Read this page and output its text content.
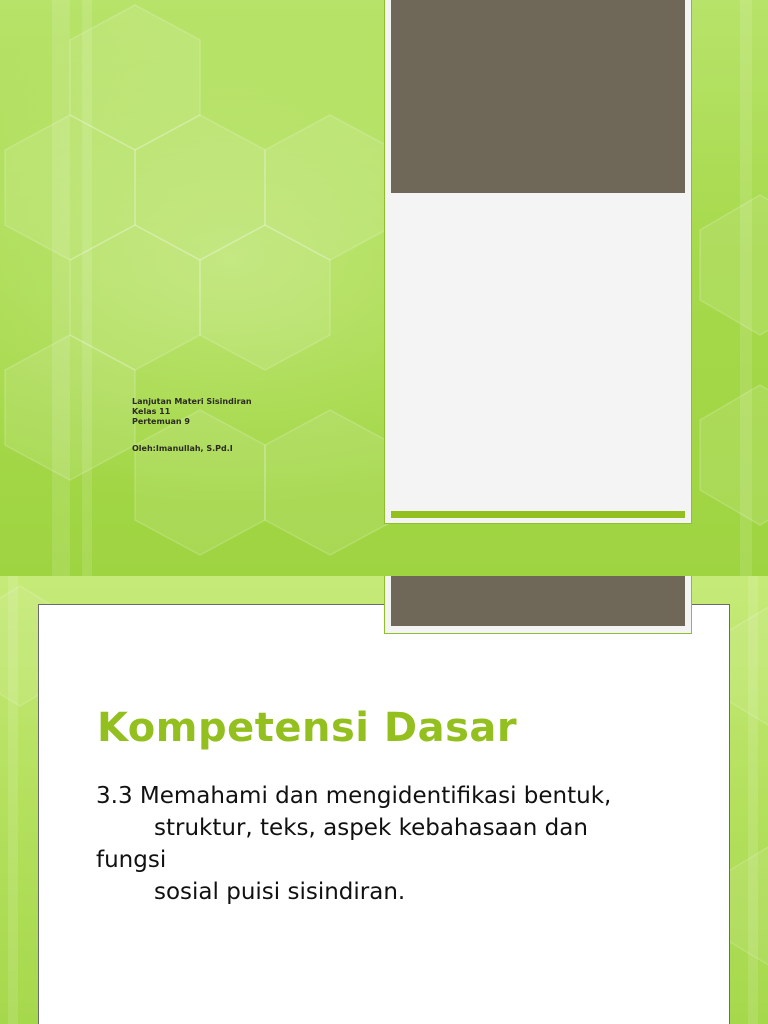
Lanjutan Materi Sisindiran
Kelas 11
Pertemuan 9
Oleh:Imanullah, S.Pd.I
Kompetensi Dasar
3.3 Memahami dan mengidentifikasi bentuk,
struktur, teks, aspek kebahasaan dan
fungsi
sosial puisi sisindiran.
